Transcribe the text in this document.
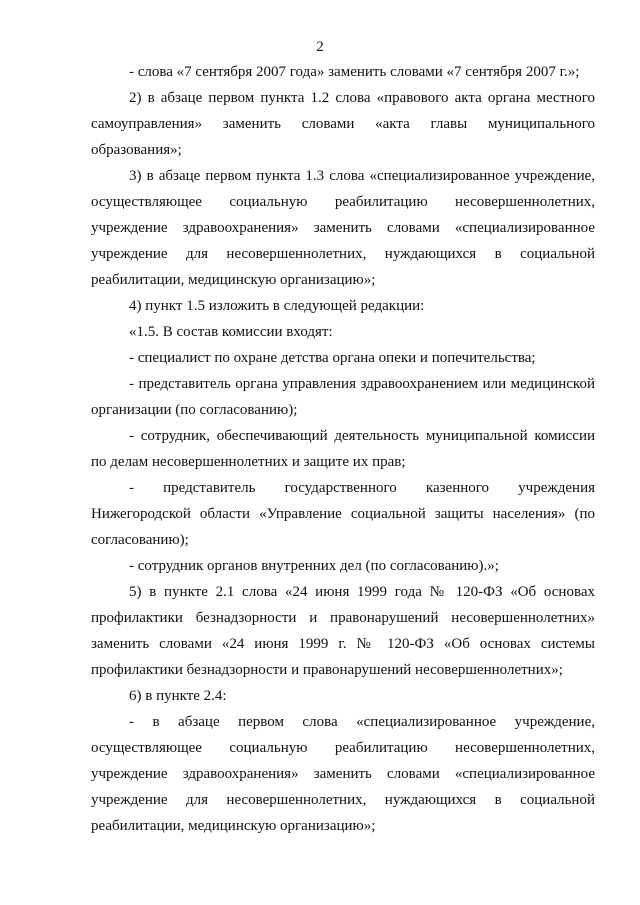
2

- слова «7 сентября 2007 года» заменить словами «7 сентября 2007 г.»;

2) в абзаце первом пункта 1.2 слова «правового акта органа местного самоуправления» заменить словами «акта главы муниципального образования»;

3) в абзаце первом пункта 1.3 слова «специализированное учреждение, осуществляющее социальную реабилитацию несовершеннолетних, учреждение здравоохранения» заменить словами «специализированное учреждение для несовершеннолетних, нуждающихся в социальной реабилитации, медицинскую организацию»;

4) пункт 1.5 изложить в следующей редакции:

«1.5. В состав комиссии входят:

- специалист по охране детства органа опеки и попечительства;

- представитель органа управления здравоохранением или медицинской организации (по согласованию);

- сотрудник, обеспечивающий деятельность муниципальной комиссии по делам несовершеннолетних и защите их прав;

- представитель государственного казенного учреждения Нижегородской области «Управление социальной защиты населения» (по согласованию);

- сотрудник органов внутренних дел (по согласованию).»;

5) в пункте 2.1 слова «24 июня 1999 года № 120-ФЗ «Об основах профилактики безнадзорности и правонарушений несовершеннолетних» заменить словами «24 июня 1999 г. № 120-ФЗ «Об основах системы профилактики безнадзорности и правонарушений несовершеннолетних»;

6) в пункте 2.4:

- в абзаце первом слова «специализированное учреждение, осуществляющее социальную реабилитацию несовершеннолетних, учреждение здравоохранения» заменить словами «специализированное учреждение для несовершеннолетних, нуждающихся в социальной реабилитации, медицинскую организацию»;
